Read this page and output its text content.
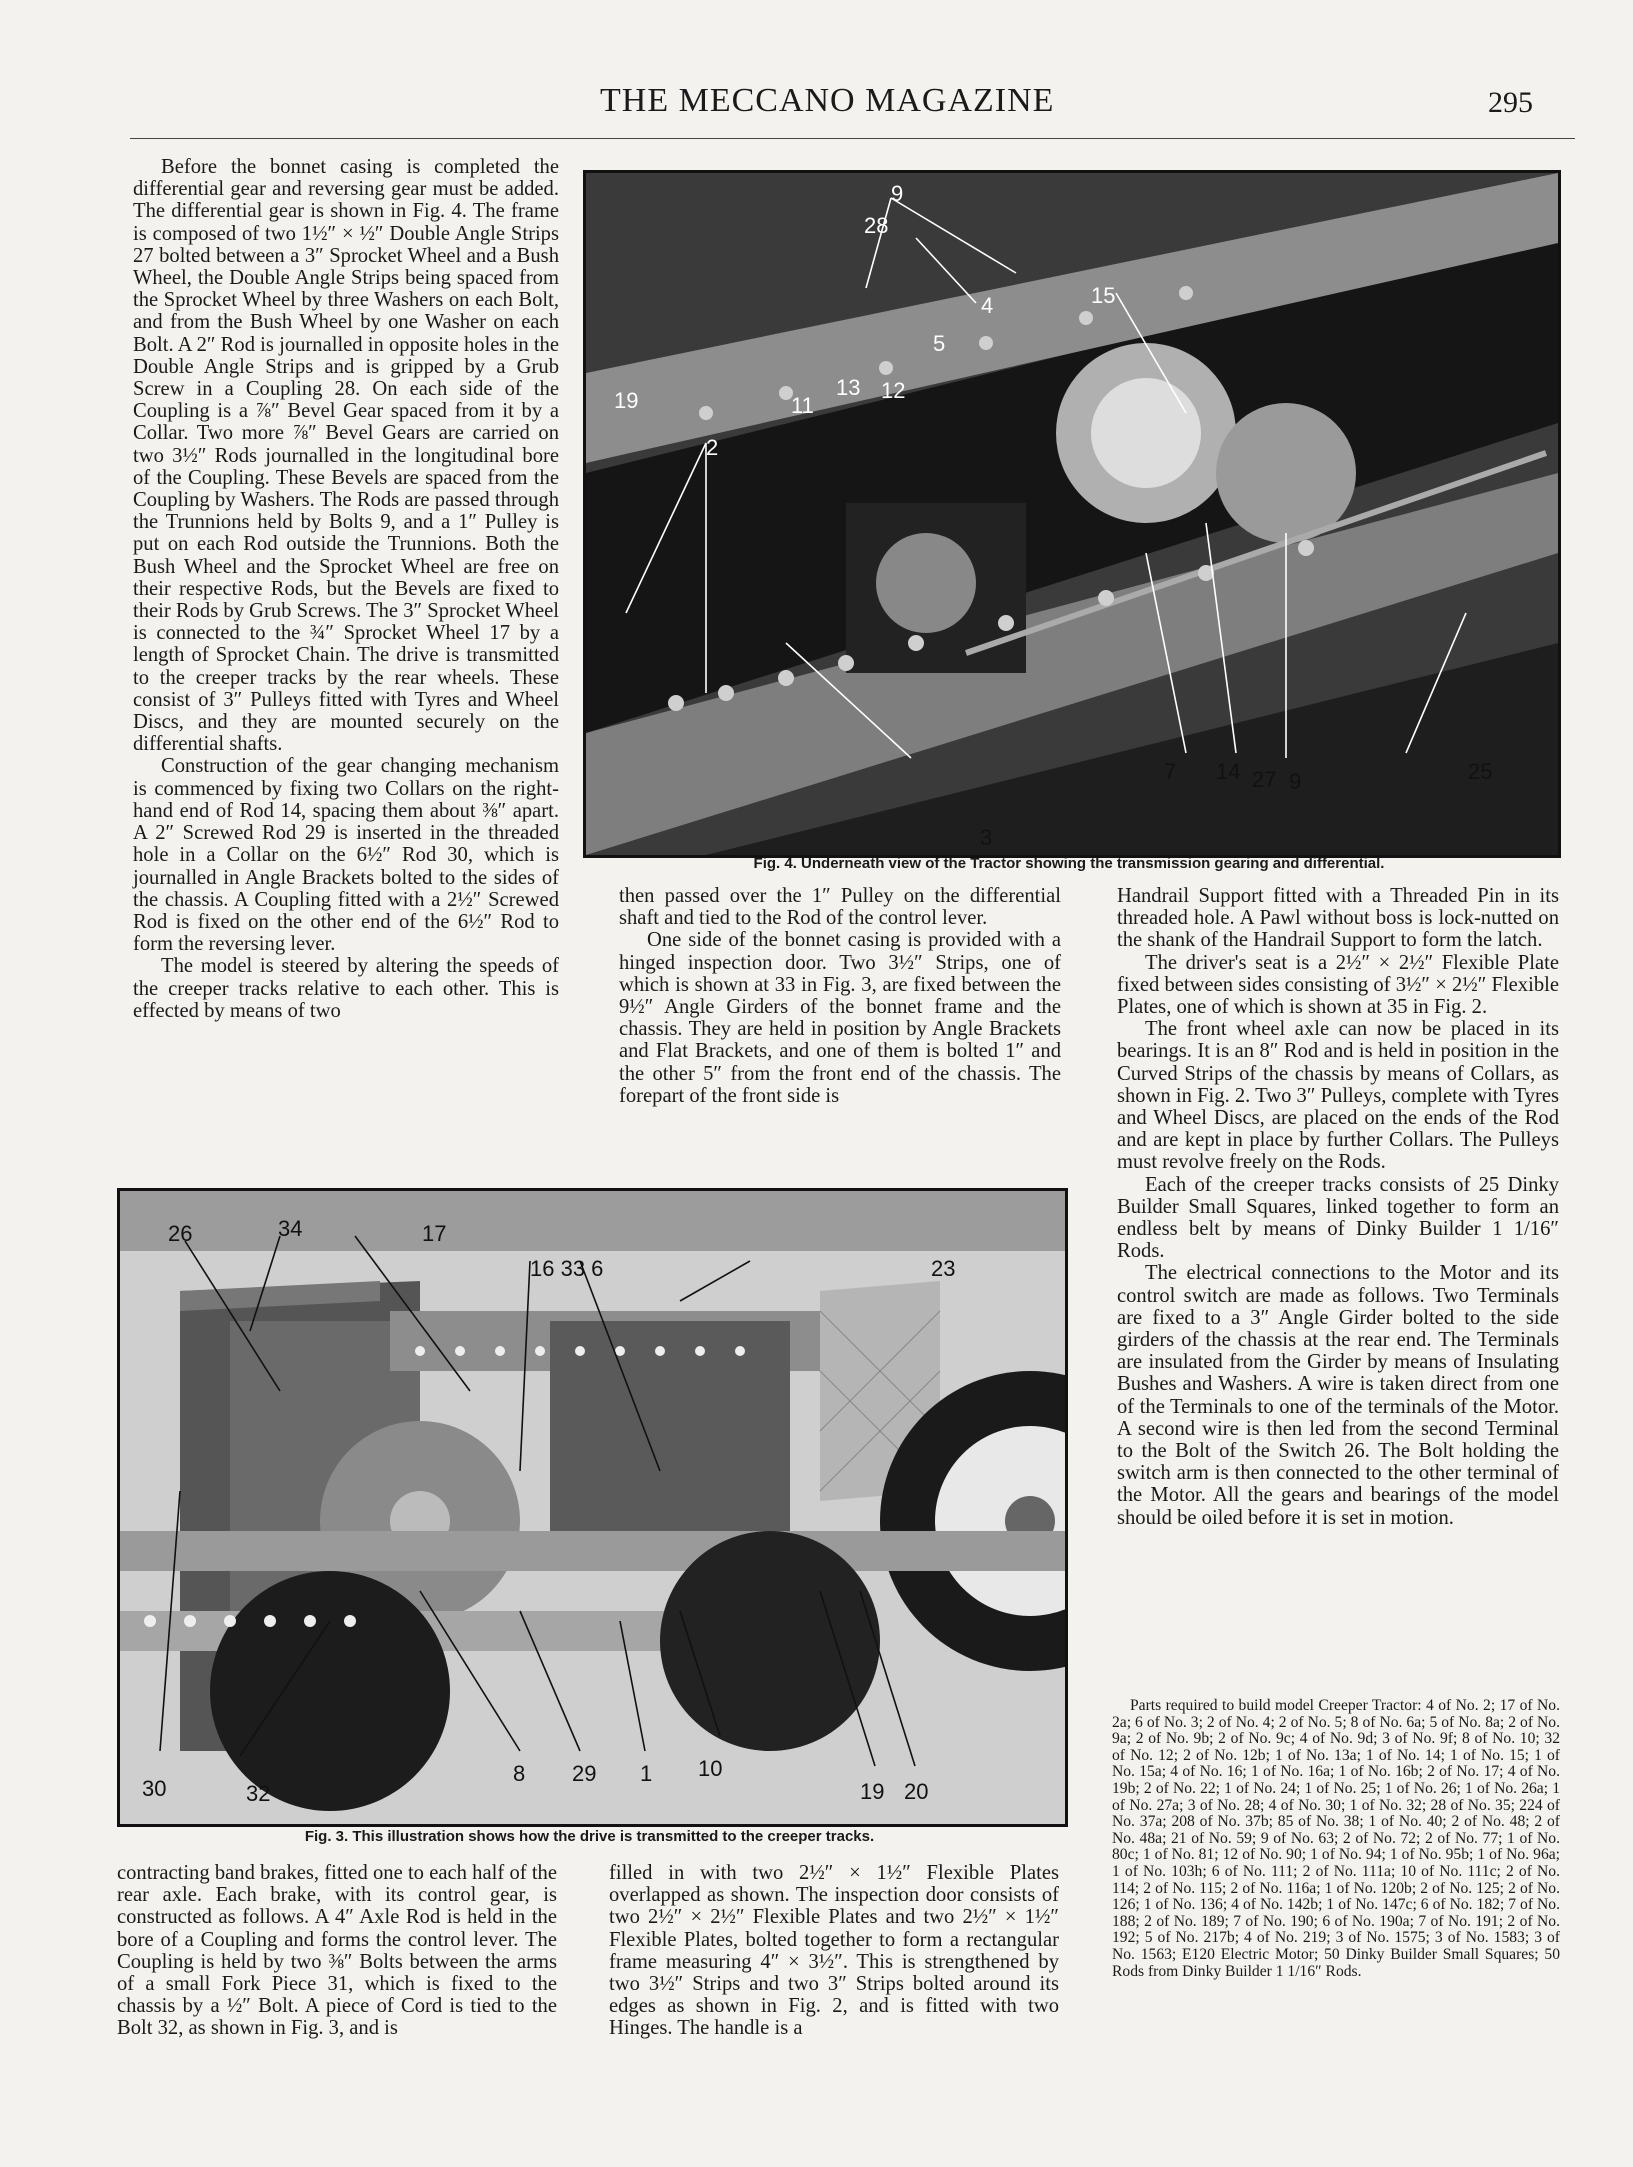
THE MECCANO MAGAZINE	295

Before the bonnet casing is completed the differential gear and reversing gear must be added. The differential gear is shown in Fig. 4. The frame is composed of two 1½″ × ½″ Double Angle Strips 27 bolted between a 3″ Sprocket Wheel and a Bush Wheel, the Double Angle Strips being spaced from the Sprocket Wheel by three Washers on each Bolt, and from the Bush Wheel by one Washer on each Bolt. A 2″ Rod is journalled in opposite holes in the Double Angle Strips and is gripped by a Grub Screw in a Coupling 28. On each side of the Coupling is a ⅞″ Bevel Gear spaced from it by a Collar. Two more ⅞″ Bevel Gears are carried on two 3½″ Rods journalled in the longitudinal bore of the Coupling. These Bevels are spaced from the Coupling by Washers. The Rods are passed through the Trunnions held by Bolts 9, and a 1″ Pulley is put on each Rod outside the Trunnions. Both the Bush Wheel and the Sprocket Wheel are free on their respective Rods, but the Bevels are fixed to their Rods by Grub Screws. The 3″ Sprocket Wheel is connected to the ¾″ Sprocket Wheel 17 by a length of Sprocket Chain. The drive is transmitted to the creeper tracks by the rear wheels. These consist of 3″ Pulleys fitted with Tyres and Wheel Discs, and they are mounted securely on the differential shafts.

Construction of the gear changing mechanism is commenced by fixing two Collars on the right-hand end of Rod 14, spacing them about ⅜″ apart. A 2″ Screwed Rod 29 is inserted in the threaded hole in a Collar on the 6½″ Rod 30, which is journalled in Angle Brackets bolted to the sides of the chassis. A Coupling fitted with a 2½″ Screwed Rod is fixed on the other end of the 6½″ Rod to form the reversing lever.

The model is steered by altering the speeds of the creeper tracks relative to each other. This is effected by means of two

9
28
4	15
5
13 12
11
19
2
7 14 27 9	25
3
Fig. 4. Underneath view of the Tractor showing the transmission gearing and differential.

then passed over the 1″ Pulley on the differential shaft and tied to the Rod of the control lever.

One side of the bonnet casing is provided with a hinged inspection door. Two 3½″ Strips, one of which is shown at 33 in Fig. 3, are fixed between the 9½″ Angle Girders of the bonnet frame and the chassis. They are held in position by Angle Brackets and Flat Brackets, and one of them is bolted 1″ and the other 5″ from the front end of the chassis. The forepart of the front side is

Handrail Support fitted with a Threaded Pin in its threaded hole. A Pawl without boss is lock-nutted on the shank of the Handrail Support to form the latch.

The driver's seat is a 2½″ × 2½″ Flexible Plate fixed between sides consisting of 3½″ × 2½″ Flexible Plates, one of which is shown at 35 in Fig. 2.

The front wheel axle can now be placed in its bearings. It is an 8″ Rod and is held in position in the Curved Strips of the chassis by means of Collars, as shown in Fig. 2. Two 3″ Pulleys, complete with Tyres and Wheel Discs, are placed on the ends of the Rod and are kept in place by further Collars. The Pulleys must revolve freely on the Rods.

Each of the creeper tracks consists of 25 Dinky Builder Small Squares, linked together to form an endless belt by means of Dinky Builder 1 1/16″ Rods.

The electrical connections to the Motor and its control switch are made as follows. Two Terminals are fixed to a 3″ Angle Girder bolted to the side girders of the chassis at the rear end. The Terminals are insulated from the Girder by means of Insulating Bushes and Washers. A wire is taken direct from one of the Terminals to one of the terminals of the Motor. A second wire is then led from the second Terminal to the Bolt of the Switch 26. The Bolt holding the switch arm is then connected to the other terminal of the Motor. All the gears and bearings of the model should be oiled before it is set in motion.

Parts required to build model Creeper Tractor: 4 of No. 2; 17 of No. 2a; 6 of No. 3; 2 of No. 4; 2 of No. 5; 8 of No. 6a; 5 of No. 8a; 2 of No. 9a; 2 of No. 9b; 2 of No. 9c; 4 of No. 9d; 3 of No. 9f; 8 of No. 10; 32 of No. 12; 2 of No. 12b; 1 of No. 13a; 1 of No. 14; 1 of No. 15; 1 of No. 15a; 4 of No. 16; 1 of No. 16a; 1 of No. 16b; 2 of No. 17; 4 of No. 19b; 2 of No. 22; 1 of No. 24; 1 of No. 25; 1 of No. 26; 1 of No. 26a; 1 of No. 27a; 3 of No. 28; 4 of No. 30; 1 of No. 32; 28 of No. 35; 224 of No. 37a; 208 of No. 37b; 85 of No. 38; 1 of No. 40; 2 of No. 48; 2 of No. 48a; 21 of No. 59; 9 of No. 63; 2 of No. 72; 2 of No. 77; 1 of No. 80c; 1 of No. 81; 12 of No. 90; 1 of No. 94; 1 of No. 95b; 1 of No. 96a; 1 of No. 103h; 6 of No. 111; 2 of No. 111a; 10 of No. 111c; 2 of No. 114; 2 of No. 115; 2 of No. 116a; 1 of No. 120b; 2 of No. 125; 2 of No. 126; 1 of No. 136; 4 of No. 142b; 1 of No. 147c; 6 of No. 182; 7 of No. 188; 2 of No. 189; 7 of No. 190; 6 of No. 190a; 7 of No. 191; 2 of No. 192; 5 of No. 217b; 4 of No. 219; 3 of No. 1575; 3 of No. 1583; 3 of No. 1563; E120 Electric Motor; 50 Dinky Builder Small Squares; 50 Rods from Dinky Builder 1 1/16″ Rods.

26	34	17
16 33 6	23
8 29 1 10
30	32	19 20
Fig. 3. This illustration shows how the drive is transmitted to the creeper tracks.

contracting band brakes, fitted one to each half of the rear axle. Each brake, with its control gear, is constructed as follows. A 4″ Axle Rod is held in the bore of a Coupling and forms the control lever. The Coupling is held by two ⅜″ Bolts between the arms of a small Fork Piece 31, which is fixed to the chassis by a ½″ Bolt. A piece of Cord is tied to the Bolt 32, as shown in Fig. 3, and is

filled in with two 2½″ × 1½″ Flexible Plates overlapped as shown. The inspection door consists of two 2½″ × 2½″ Flexible Plates and two 2½″ × 1½″ Flexible Plates, bolted together to form a rectangular frame measuring 4″ × 3½″. This is strengthened by two 3½″ Strips and two 3″ Strips bolted around its edges as shown in Fig. 2, and is fitted with two Hinges. The handle is a
